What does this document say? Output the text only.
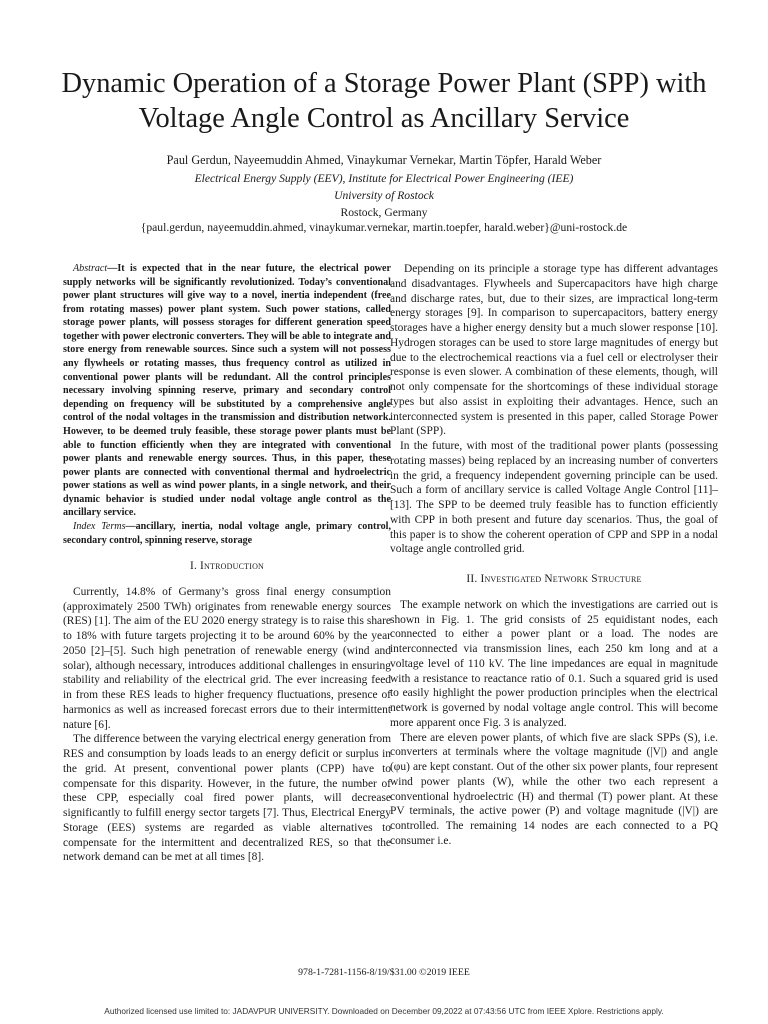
Dynamic Operation of a Storage Power Plant (SPP) with Voltage Angle Control as Ancillary Service
Paul Gerdun, Nayeemuddin Ahmed, Vinaykumar Vernekar, Martin Töpfer, Harald Weber
Electrical Energy Supply (EEV), Institute for Electrical Power Engineering (IEE)
University of Rostock
Rostock, Germany
{paul.gerdun, nayeemuddin.ahmed, vinaykumar.vernekar, martin.toepfer, harald.weber}@uni-rostock.de

Abstract—It is expected that in the near future, the electrical power supply networks will be significantly revolutionized. Today’s conventional power plant structures will give way to a novel, inertia independent (free from rotating masses) power plant system. Such power stations, called storage power plants, will possess storages for different generation speed together with power electronic converters. They will be able to integrate and store energy from renewable sources. Since such a system will not possess any flywheels or rotating masses, thus frequency control as utilized in conventional power plants will be redundant. All the control principles necessary involving spinning reserve, primary and secondary control depending on frequency will be substituted by a comprehensive angle control of the nodal voltages in the transmission and distribution network. However, to be deemed truly feasible, these storage power plants must be able to function efficiently when they are integrated with conventional power plants and renewable energy sources. Thus, in this paper, these power plants are connected with conventional thermal and hydroelectric power stations as well as wind power plants, in a single network, and their dynamic behavior is studied under nodal voltage angle control as the ancillary service.

Index Terms—ancillary, inertia, nodal voltage angle, primary control, secondary control, spinning reserve, storage

I. Introduction

Currently, 14.8% of Germany’s gross final energy consumption (approximately 2500 TWh) originates from renewable energy sources (RES) [1]. The aim of the EU 2020 energy strategy is to raise this share to 18% with future targets projecting it to be around 60% by the year 2050 [2]–[5]. Such high penetration of renewable energy (wind and solar), although necessary, introduces additional challenges in ensuring stability and reliability of the electrical grid. The ever increasing feed in from these RES leads to higher frequency fluctuations, presence of harmonics as well as increased forecast errors due to their intermittent nature [6].

The difference between the varying electrical energy generation from RES and consumption by loads leads to an energy deficit or surplus in the grid. At present, conventional power plants (CPP) have to compensate for this disparity. However, in the future, the number of these CPP, especially coal fired power plants, will decrease significantly to fulfill energy sector targets [7]. Thus, Electrical Energy Storage (EES) systems are regarded as viable alternatives to compensate for the intermittent and decentralized RES, so that the network demand can be met at all times [8].

Depending on its principle a storage type has different advantages and disadvantages. Flywheels and Supercapacitors have high charge and discharge rates, but, due to their sizes, are impractical long-term energy storages [9]. In comparison to supercapacitors, battery energy storages have a higher energy density but a much slower response [10]. Hydrogen storages can be used to store large magnitudes of energy but due to the electrochemical reactions via a fuel cell or electrolyser their response is even slower. A combination of these elements, though, will not only compensate for the shortcomings of these individual storage types but also assist in exploiting their advantages. Hence, such an interconnected system is presented in this paper, called Storage Power Plant (SPP).

In the future, with most of the traditional power plants (possessing rotating masses) being replaced by an increasing number of converters in the grid, a frequency independent governing principle can be used. Such a form of ancillary service is called Voltage Angle Control [11]–[13]. The SPP to be deemed truly feasible has to function efficiently with CPP in both present and future day scenarios. Thus, the goal of this paper is to show the coherent operation of CPP and SPP in a nodal voltage angle controlled grid.

II. Investigated Network Structure

The example network on which the investigations are carried out is shown in Fig. 1. The grid consists of 25 equidistant nodes, each connected to either a power plant or a load. The nodes are interconnected via transmission lines, each 250 km long and at a voltage level of 110 kV. The line impedances are equal in magnitude with a resistance to reactance ratio of 0.1. Such a squared grid is used to easily highlight the power production principles when the electrical network is governed by nodal voltage angle control. This will become more apparent once Fig. 3 is analyzed.

There are eleven power plants, of which five are slack SPPs (S), i.e. converters at terminals where the voltage magnitude (|V|) and angle (φu) are kept constant. Out of the other six power plants, four represent wind power plants (W), while the other two each represent a conventional hydroelectric (H) and thermal (T) power plant. At these PV terminals, the active power (P) and voltage magnitude (|V|) are controlled. The remaining 14 nodes are each connected to a PQ consumer i.e.

978-1-7281-1156-8/19/$31.00 ©2019 IEEE
Authorized licensed use limited to: JADAVPUR UNIVERSITY. Downloaded on December 09,2022 at 07:43:56 UTC from IEEE Xplore. Restrictions apply.
